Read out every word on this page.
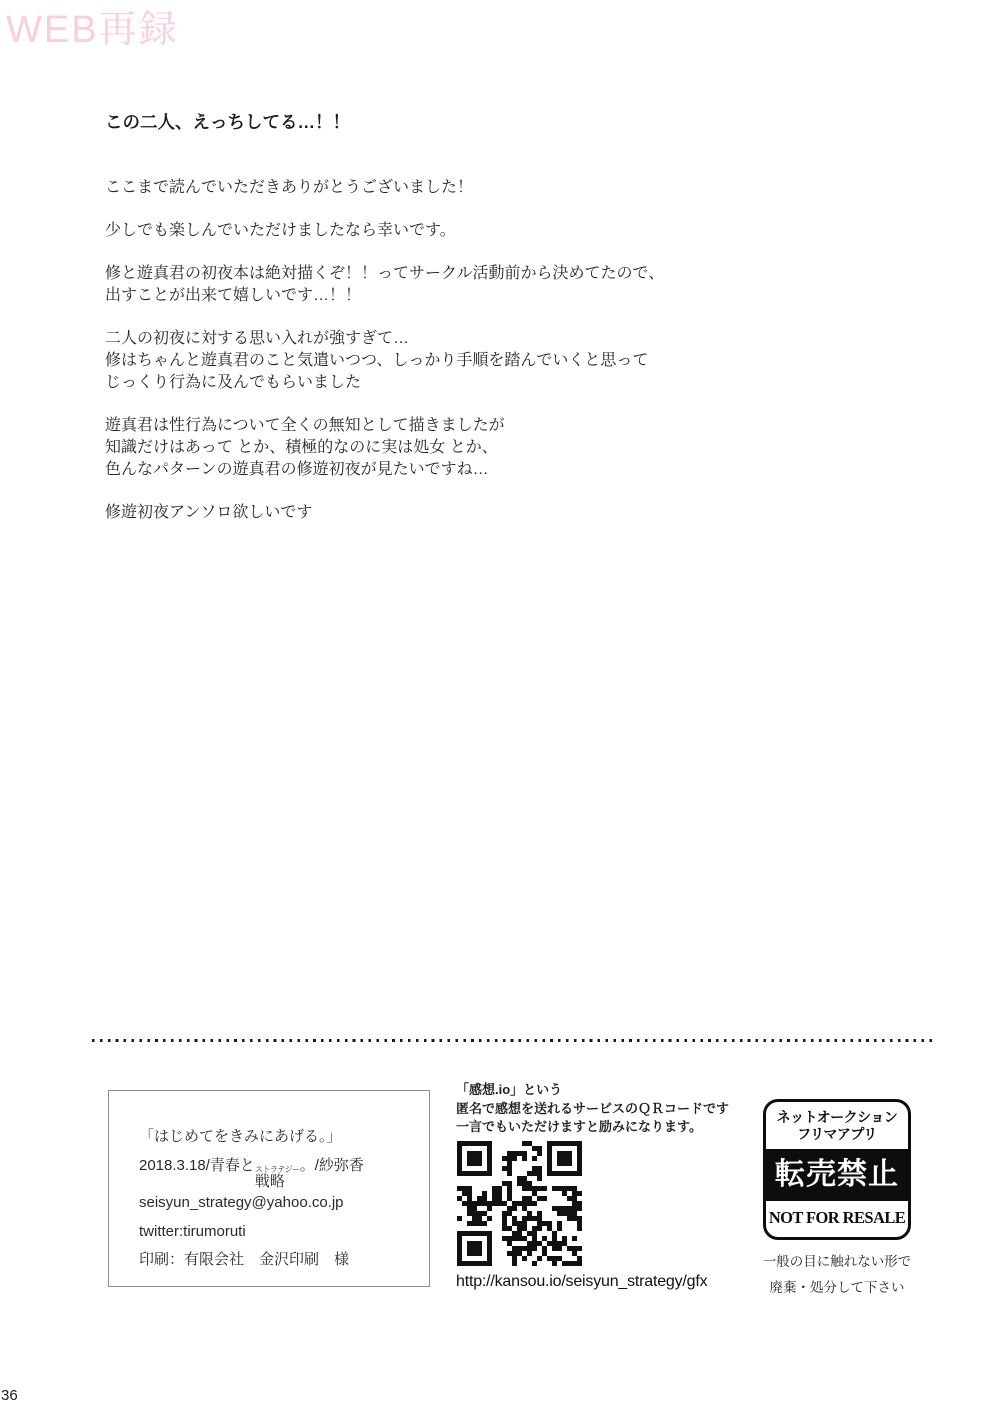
WEB再録
この二人、えっちしてる…！！

ここまで読んでいただきありがとうございました！

少しでも楽しんでいただけましたなら幸いです。

修と遊真君の初夜本は絶対描くぞ！！ってサークル活動前から決めてたので、
出すことが出来て嬉しいです…！！

二人の初夜に対する思い入れが強すぎて…
修はちゃんと遊真君のこと気遣いつつ、しっかり手順を踏んでいくと思って
じっくり行為に及んでもらいました

遊真君は性行為について全くの無知として描きましたが
知識だけはあって とか、積極的なのに実は処女 とか、
色んなパターンの遊真君の修遊初夜が見たいですね…

修遊初夜アンソロ欲しいです

「はじめてをきみにあげる。」
2018.3.18/青春と
戦略
ストラテジー 。/紗弥香
seisyun_strategy@yahoo.co.jp
twitter:tirumoruti
印刷：有限会社　金沢印刷　様
「感想.io」という
匿名で感想を送れるサービスのＱＲコードです
一言でもいただけますと励みになります。
http://kansou.io/seisyun_strategy/gfx
ネットオークション
フリマアプリ
転売禁止
NOT FOR RESALE
一般の目に触れない形で
廃棄・処分して下さい
36
